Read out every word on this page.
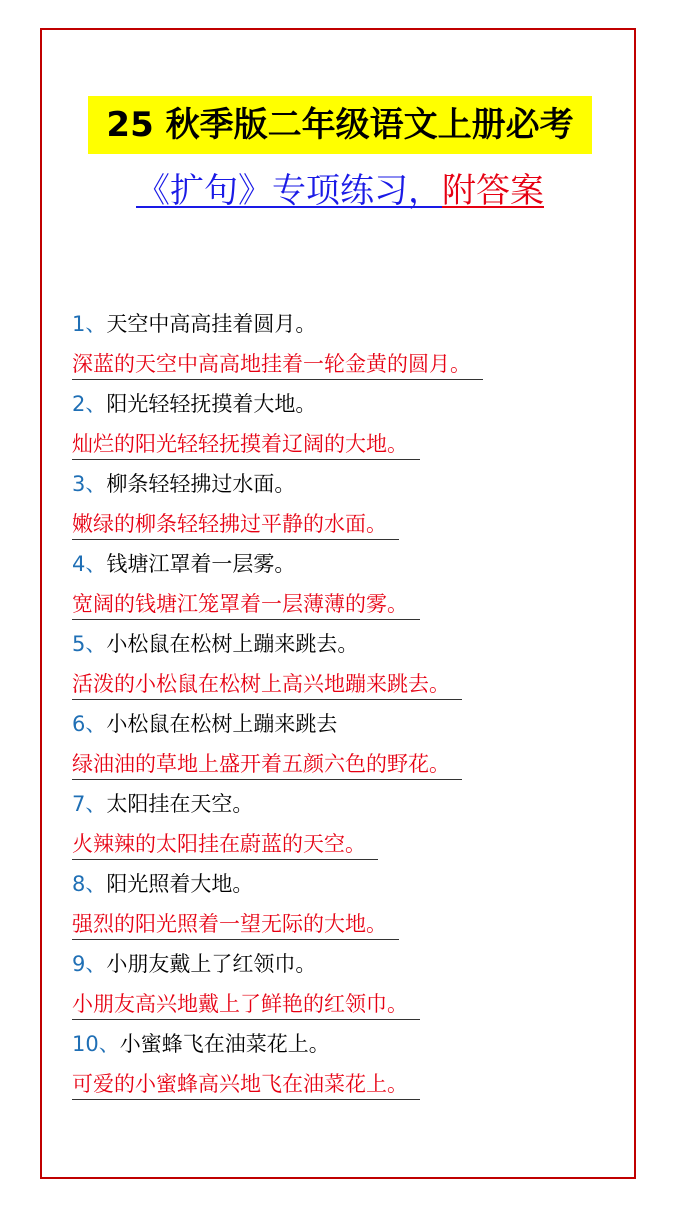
25 秋季版二年级语文上册必考
《扩句》专项练习，附答案
1、天空中高高挂着圆月。
深蓝的天空中高高地挂着一轮金黄的圆月。
2、阳光轻轻抚摸着大地。
灿烂的阳光轻轻抚摸着辽阔的大地。
3、柳条轻轻拂过水面。
嫩绿的柳条轻轻拂过平静的水面。
4、钱塘江罩着一层雾。
宽阔的钱塘江笼罩着一层薄薄的雾。
5、小松鼠在松树上蹦来跳去。
活泼的小松鼠在松树上高兴地蹦来跳去。
6、小松鼠在松树上蹦来跳去
绿油油的草地上盛开着五颜六色的野花。
7、太阳挂在天空。
火辣辣的太阳挂在蔚蓝的天空。
8、阳光照着大地。
强烈的阳光照着一望无际的大地。
9、小朋友戴上了红领巾。
小朋友高兴地戴上了鲜艳的红领巾。
10、小蜜蜂飞在油菜花上。
可爱的小蜜蜂高兴地飞在油菜花上。
